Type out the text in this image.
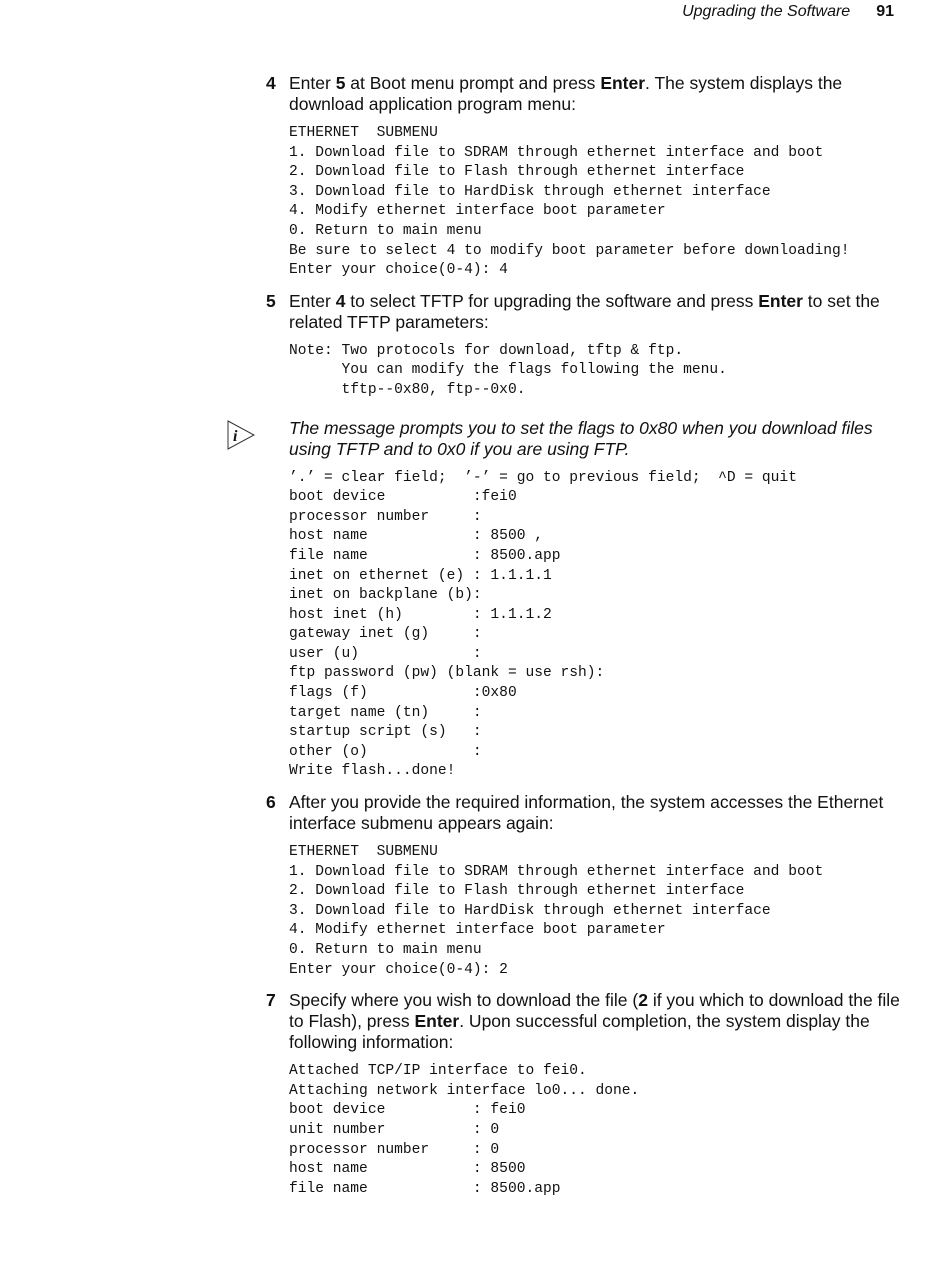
Upgrading the Software 91
4 Enter 5 at Boot menu prompt and press Enter. The system displays the download application program menu:
ETHERNET  SUBMENU
1. Download file to SDRAM through ethernet interface and boot
2. Download file to Flash through ethernet interface
3. Download file to HardDisk through ethernet interface
4. Modify ethernet interface boot parameter
0. Return to main menu
Be sure to select 4 to modify boot parameter before downloading!
Enter your choice(0-4): 4
5 Enter 4 to select TFTP for upgrading the software and press Enter to set the related TFTP parameters:
Note: Two protocols for download, tftp & ftp.
You can modify the flags following the menu.
tftp--0x80, ftp--0x0.
i	The message prompts you to set the flags to 0x80 when you download files using TFTP and to 0x0 if you are using FTP.
’.’ = clear field;  ’-’ = go to previous field;  ^D = quit
boot device          :fei0
processor number     :
host name            : 8500 ,
file name            : 8500.app
inet on ethernet (e) : 1.1.1.1
inet on backplane (b):
host inet (h)        : 1.1.1.2
gateway inet (g)     :
user (u)             :
ftp password (pw) (blank = use rsh):
flags (f)            :0x80
target name (tn)     :
startup script (s)   :
other (o)            :
Write flash...done!
6 After you provide the required information, the system accesses the Ethernet interface submenu appears again:
ETHERNET  SUBMENU
1. Download file to SDRAM through ethernet interface and boot
2. Download file to Flash through ethernet interface
3. Download file to HardDisk through ethernet interface
4. Modify ethernet interface boot parameter
0. Return to main menu
Enter your choice(0-4): 2
7 Specify where you wish to download the file (2 if you which to download the file to Flash), press Enter. Upon successful completion, the system display the following information:
Attached TCP/IP interface to fei0.
Attaching network interface lo0... done.
boot device          : fei0
unit number          : 0
processor number     : 0
host name            : 8500
file name            : 8500.app
